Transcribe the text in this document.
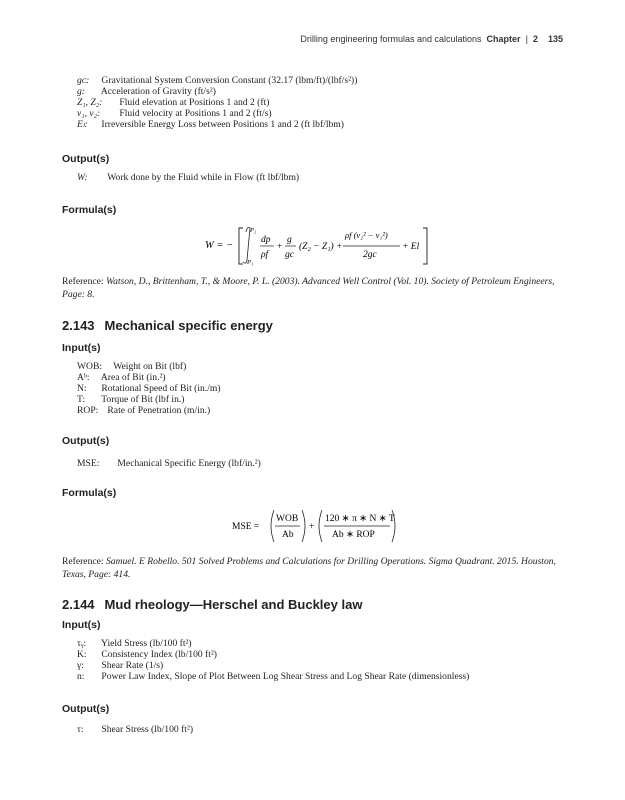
Drilling engineering formulas and calculations Chapter  |  2 135
gᴄ: Gravitational System Conversion Constant (32.17 (lbm/ft)/(lbf/s²))
g: Acceleration of Gravity (ft/s²)
Z₁, Z₂: Fluid elevation at Positions 1 and 2 (ft)
v₁, v₂: Fluid velocity at Positions 1 and 2 (ft/s)
Eₗ: Irreversible Energy Loss between Positions 1 and 2 (ft lbf/lbm)
Output(s)
W: Work done by the Fluid while in Flow (ft lbf/lbm)
Formula(s)
W = −
P₂
P₁
dp
ρf
+
g
gc
(Z₂ − Z₁) +
ρf (v₂² − v₁²)
2gc
+ El
Reference: Watson, D., Brittenham, T., & Moore, P. L. (2003). Advanced Well Control (Vol. 10). Society of Petroleum Engineers, Page: 8.
2.143 Mechanical specific energy
Input(s)
WOB: Weight on Bit (lbf)
Aᵇ: Area of Bit (in.²)
N: Rotational Speed of Bit (in./m)
T: Torque of Bit (lbf in.)
ROP: Rate of Penetration (m/in.)
Output(s)
MSE: Mechanical Specific Energy (lbf/in.²)
Formula(s)
MSE =
WOB
Ab
+
120 ∗ π ∗ N ∗ T
Ab ∗ ROP
Reference: Samuel. E Robello. 501 Solved Problems and Calculations for Drilling Operations. Sigma Quadrant. 2015. Houston, Texas, Page: 414.
2.144 Mud rheology—Herschel and Buckley law
Input(s)
τᵧ: Yield Stress (lb/100 ft²)
K: Consistency Index (lb/100 ft²)
γ: Shear Rate (1/s)
n: Power Law Index, Slope of Plot Between Log Shear Stress and Log Shear Rate (dimensionless)
Output(s)
τ: Shear Stress (lb/100 ft²)
